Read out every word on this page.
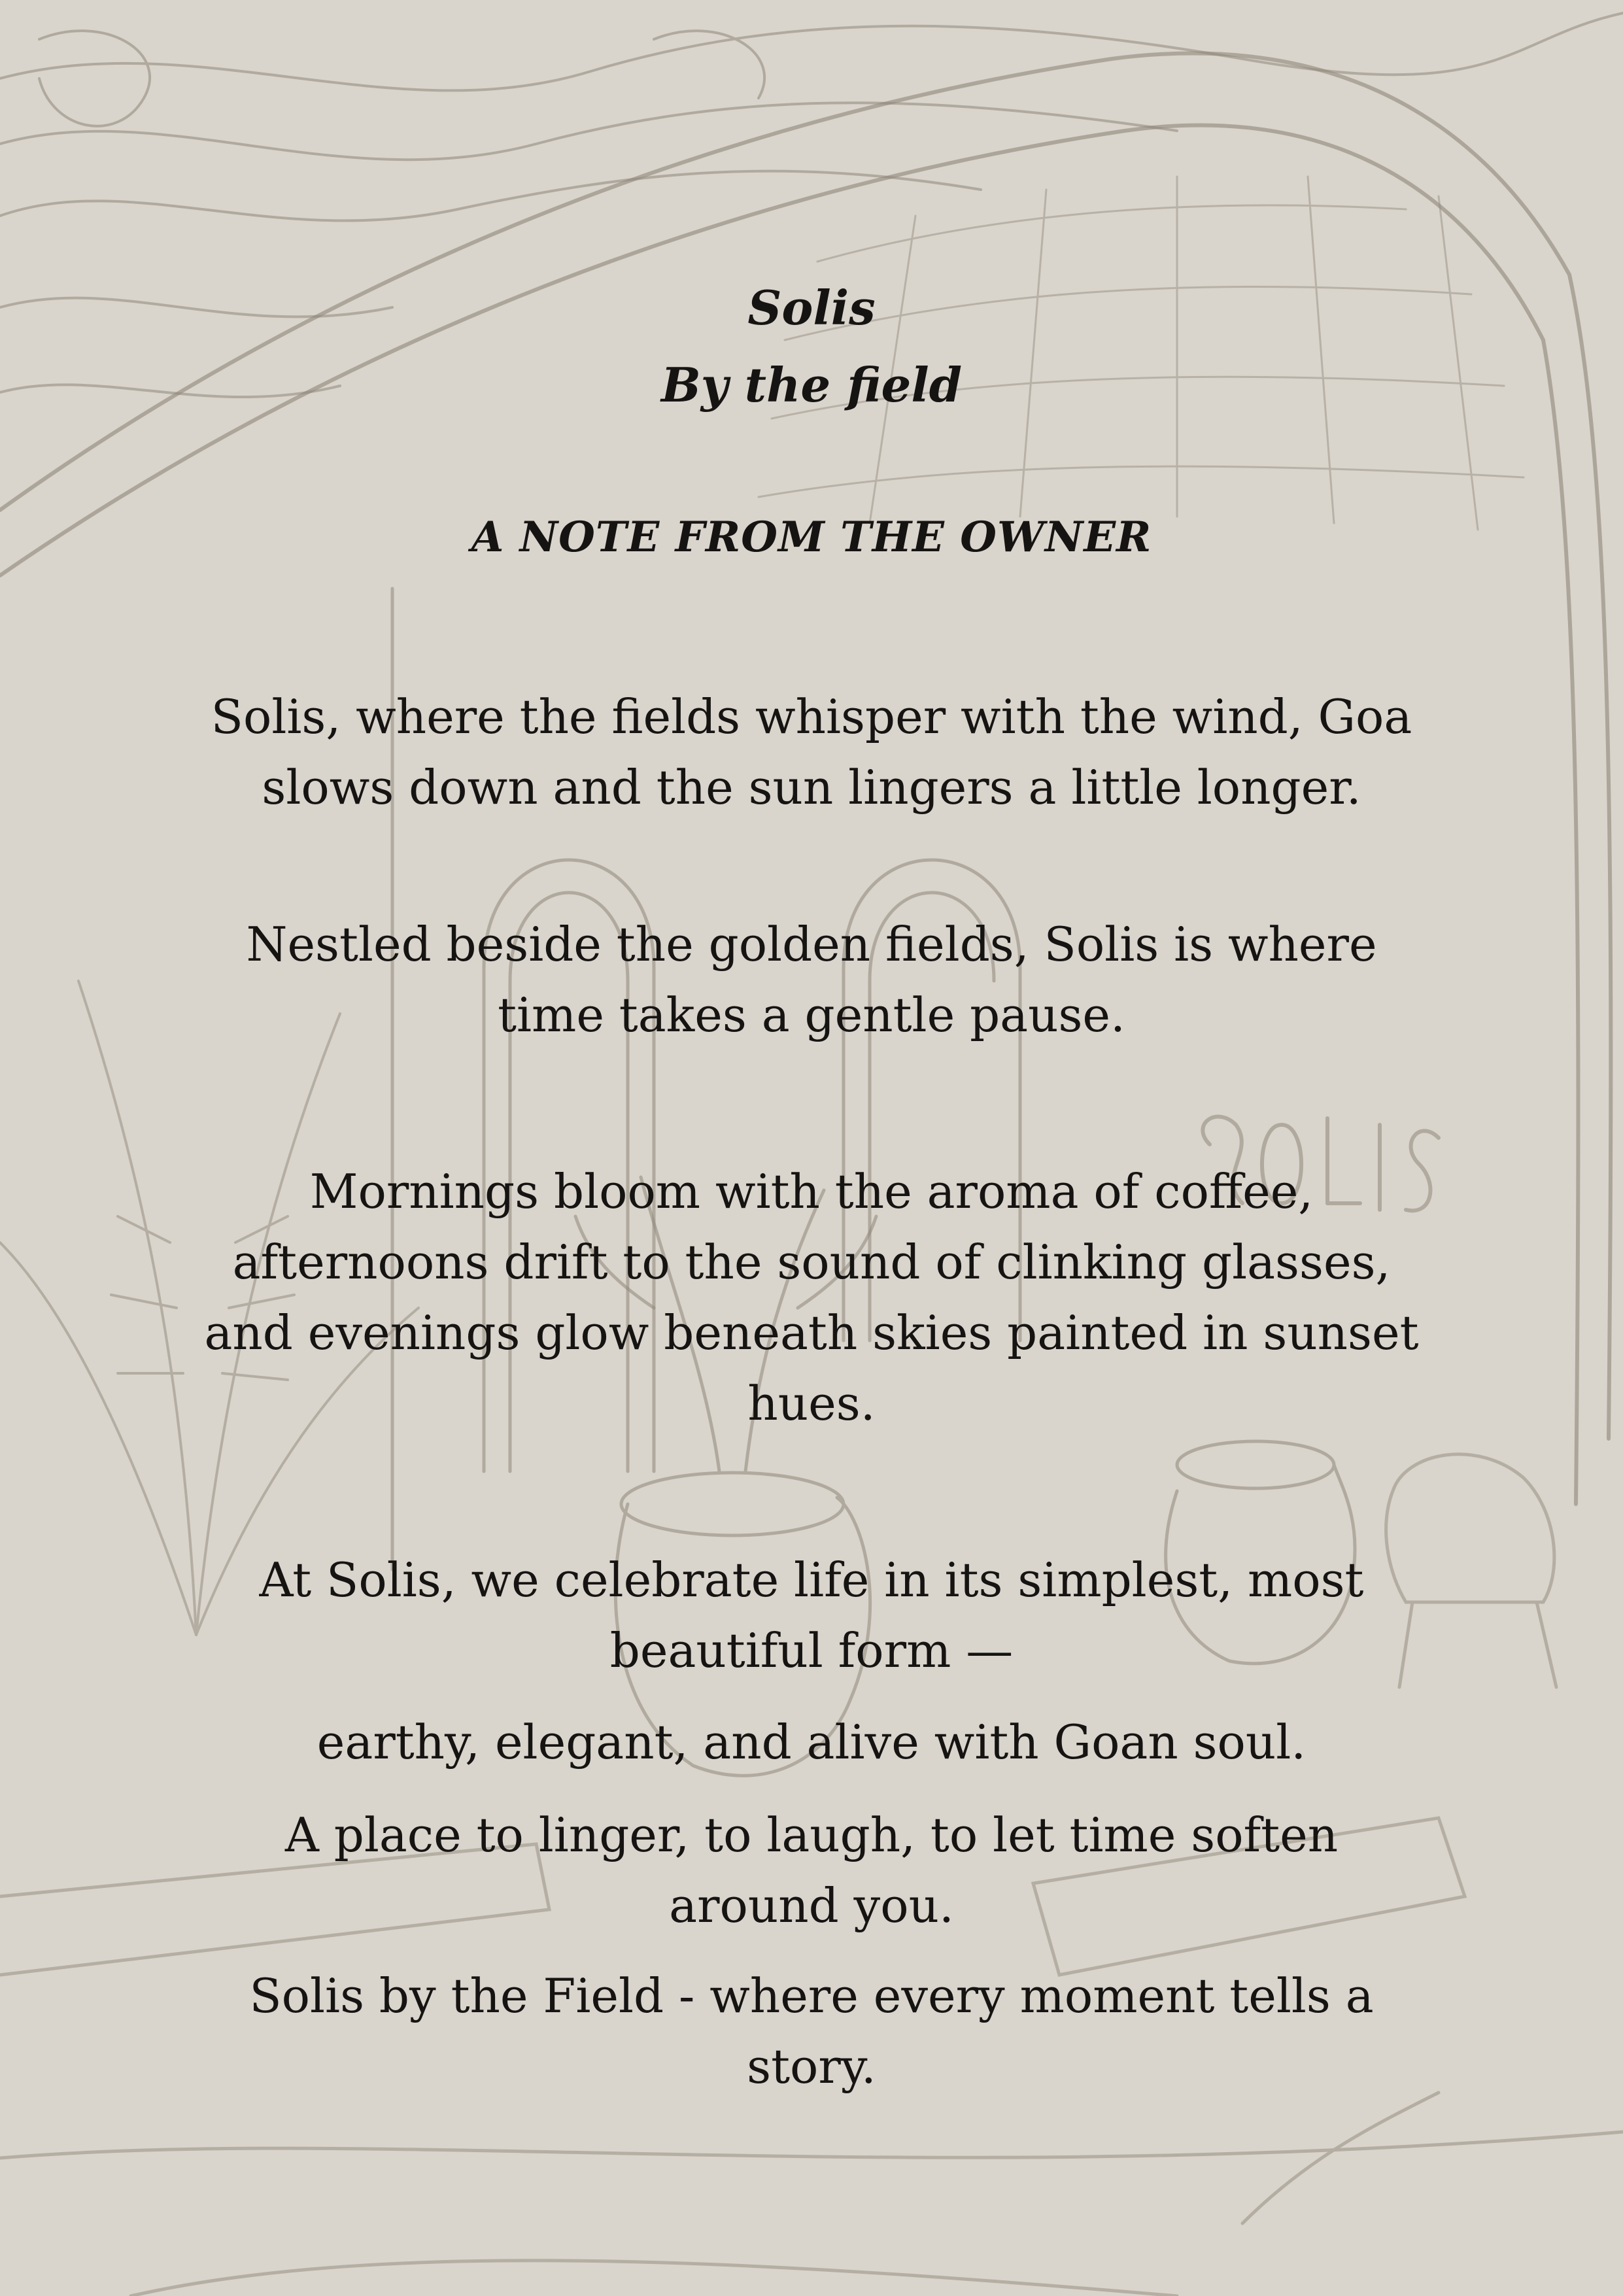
Solis

By the field

A NOTE FROM THE OWNER

Solis, where the fields whisper with the wind, Goa slows down and the sun lingers a little longer.

Nestled beside the golden fields, Solis is where time takes a gentle pause.

Mornings bloom with the aroma of coffee, afternoons drift to the sound of clinking glasses, and evenings glow beneath skies painted in sunset hues.

At Solis, we celebrate life in its simplest, most beautiful form —

earthy, elegant, and alive with Goan soul.

A place to linger, to laugh, to let time soften around you.

Solis by the Field - where every moment tells a story.
